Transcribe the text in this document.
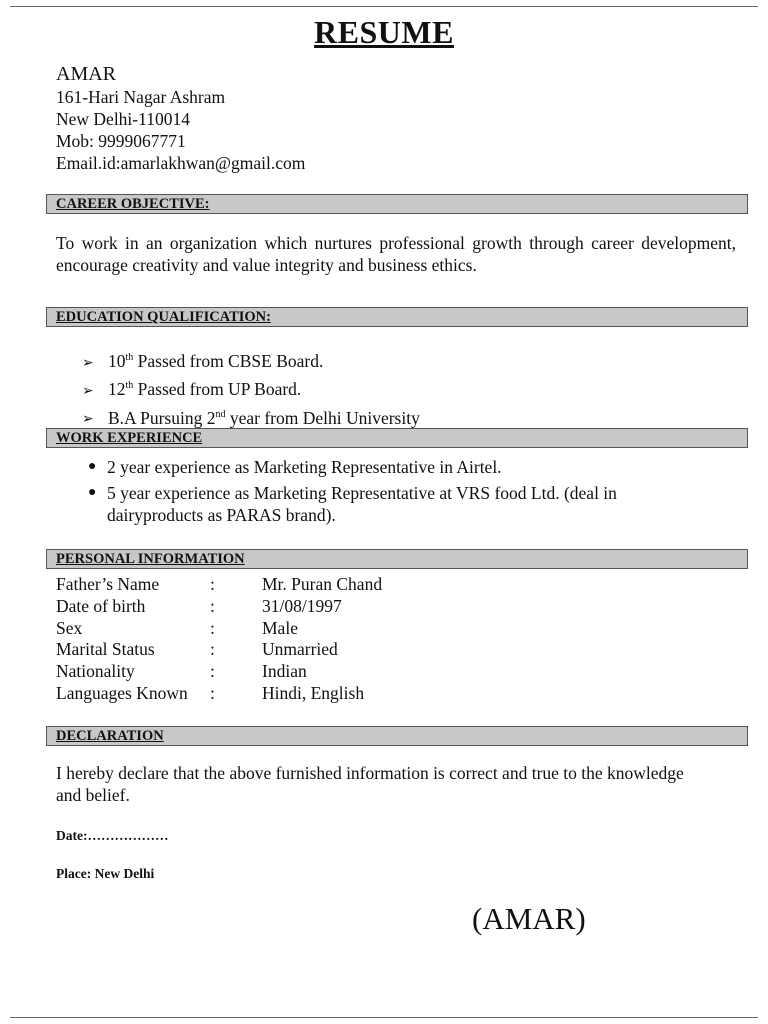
RESUME
AMAR
161-Hari Nagar Ashram
New Delhi-110014
Mob: 9999067771
Email.id:amarlakhwan@gmail.com
CAREER OBJECTIVE:
To work in an organization which nurtures professional growth through career development, encourage creativity and value integrity and business ethics.
EDUCATION QUALIFICATION:
➢ 10th Passed from CBSE Board.
➢ 12th Passed from UP Board.
➢ B.A Pursuing 2nd year from Delhi University
WORK EXPERIENCE
● 2 year experience as Marketing Representative in Airtel.
● 5 year experience as Marketing Representative at VRS food Ltd. (deal in dairyproducts as PARAS brand).
PERSONAL INFORMATION
Father’s Name	:	Mr. Puran Chand
Date of birth	:	31/08/1997
Sex	:	Male
Marital Status	:	Unmarried
Nationality	:	Indian
Languages Known :	Hindi, English
DECLARATION
I hereby declare that the above furnished information is correct and true to the knowledge and belief.
Date:………………
Place: New Delhi
(AMAR)
